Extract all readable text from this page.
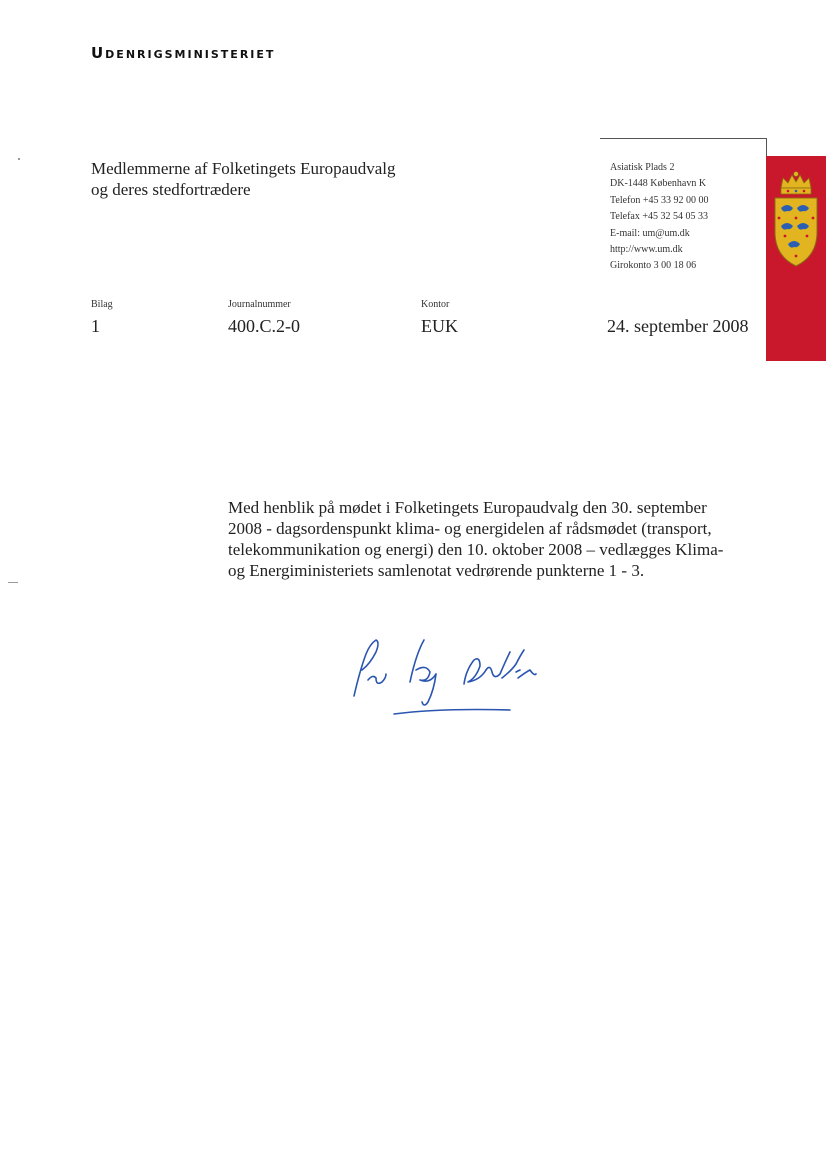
Udenrigsministeriet
Medlemmerne af Folketingets Europaudvalg
og deres stedfortrædere
Asiatisk Plads 2
DK-1448 København K
Telefon +45 33 92 00 00
Telefax +45 32 54 05 33
E-mail: um@um.dk
http://www.um.dk
Girokonto 3 00 18 06
Bilag
1
Journalnummer
400.C.2-0
Kontor
EUK	24. september 2008

Med henblik på mødet i Folketingets Europaudvalg den 30. september

2008 - dagsordenspunkt klima- og energidelen af rådsmødet (transport,

telekommunikation og energi) den 10. oktober 2008 – vedlægges Klima-

og Energiministeriets samlenotat vedrørende punkterne 1 - 3.
